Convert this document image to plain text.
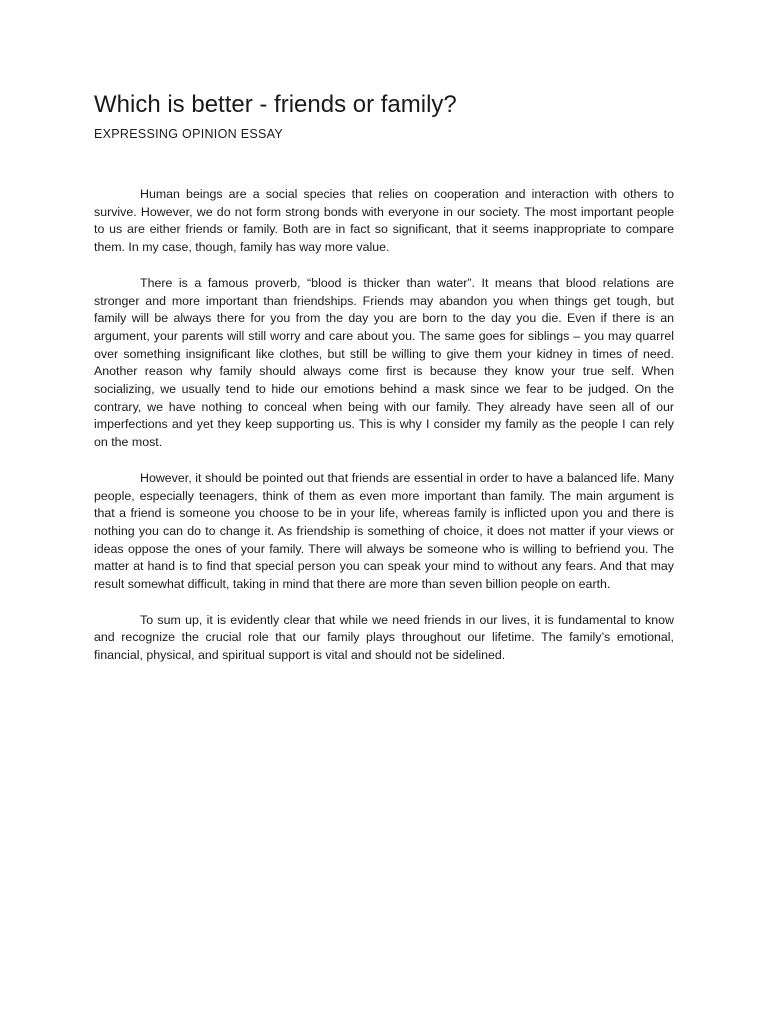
Which is better - friends or family?
EXPRESSING OPINION ESSAY

Human beings are a social species that relies on cooperation and interaction with others to survive. However, we do not form strong bonds with everyone in our society. The most important people to us are either friends or family. Both are in fact so significant, that it seems inappropriate to compare them. In my case, though, family has way more value.

There is a famous proverb, “blood is thicker than water”. It means that blood relations are stronger and more important than friendships. Friends may abandon you when things get tough, but family will be always there for you from the day you are born to the day you die. Even if there is an argument, your parents will still worry and care about you. The same goes for siblings – you may quarrel over something insignificant like clothes, but still be willing to give them your kidney in times of need. Another reason why family should always come first is because they know your true self. When socializing, we usually tend to hide our emotions behind a mask since we fear to be judged. On the contrary, we have nothing to conceal when being with our family. They already have seen all of our imperfections and yet they keep supporting us. This is why I consider my family as the people I can rely on the most.

However, it should be pointed out that friends are essential in order to have a balanced life. Many people, especially teenagers, think of them as even more important than family. The main argument is that a friend is someone you choose to be in your life, whereas family is inflicted upon you and there is nothing you can do to change it. As friendship is something of choice, it does not matter if your views or ideas oppose the ones of your family. There will always be someone who is willing to befriend you. The matter at hand is to find that special person you can speak your mind to without any fears. And that may result somewhat difficult, taking in mind that there are more than seven billion people on earth.

To sum up, it is evidently clear that while we need friends in our lives, it is fundamental to know and recognize the crucial role that our family plays throughout our lifetime. The family’s emotional, financial, physical, and spiritual support is vital and should not be sidelined.
